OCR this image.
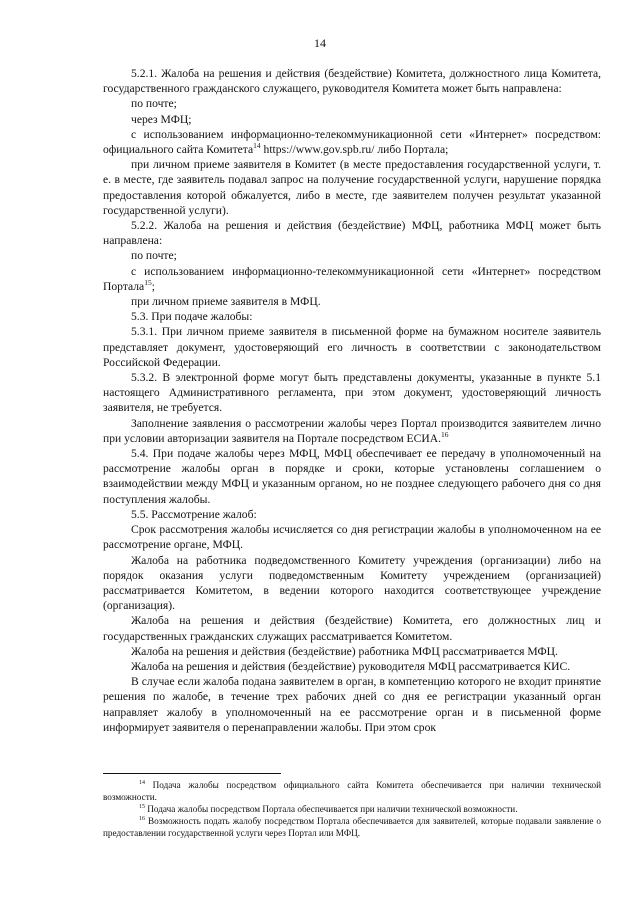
14

5.2.1. Жалоба на решения и действия (бездействие) Комитета, должностного лица Комитета, государственного гражданского служащего, руководителя Комитета может быть направлена:

по почте;

через МФЦ;

с использованием информационно-телекоммуникационной сети «Интернет» посредством: официального сайта Комитета$^{14}$ https://www.gov.spb.ru/ либо Портала;

при личном приеме заявителя в Комитет (в месте предоставления государственной услуги, т. е. в месте, где заявитель подавал запрос на получение государственной услуги, нарушение порядка предоставления которой обжалуется, либо в месте, где заявителем получен результат указанной государственной услуги).

5.2.2. Жалоба на решения и действия (бездействие) МФЦ, работника МФЦ может быть направлена:

по почте;

с использованием информационно-телекоммуникационной сети «Интернет» посредством Портала$^{15}$;

при личном приеме заявителя в МФЦ.

5.3. При подаче жалобы:

5.3.1. При личном приеме заявителя в письменной форме на бумажном носителе заявитель представляет документ, удостоверяющий его личность в соответствии с законодательством Российской Федерации.

5.3.2. В электронной форме могут быть представлены документы, указанные в пункте 5.1 настоящего Административного регламента, при этом документ, удостоверяющий личность заявителя, не требуется.

Заполнение заявления о рассмотрении жалобы через Портал производится заявителем лично при условии авторизации заявителя на Портале посредством ЕСИА.$^{16}$

5.4. При подаче жалобы через МФЦ, МФЦ обеспечивает ее передачу в уполномоченный на рассмотрение жалобы орган в порядке и сроки, которые установлены соглашением о взаимодействии между МФЦ и указанным органом, но не позднее следующего рабочего дня со дня поступления жалобы.

5.5. Рассмотрение жалоб:

Срок рассмотрения жалобы исчисляется со дня регистрации жалобы в уполномоченном на ее рассмотрение органе, МФЦ.

Жалоба на работника подведомственного Комитету учреждения (организации) либо на порядок оказания услуги подведомственным Комитету учреждением (организацией) рассматривается Комитетом, в ведении которого находится соответствующее учреждение (организация).

Жалоба на решения и действия (бездействие) Комитета, его должностных лиц и государственных гражданских служащих рассматривается Комитетом.

Жалоба на решения и действия (бездействие) работника МФЦ рассматривается МФЦ.

Жалоба на решения и действия (бездействие) руководителя МФЦ рассматривается КИС.

В случае если жалоба подана заявителем в орган, в компетенцию которого не входит принятие решения по жалобе, в течение трех рабочих дней со дня ее регистрации указанный орган направляет жалобу в уполномоченный на ее рассмотрение орган и в письменной форме информирует заявителя о перенаправлении жалобы. При этом срок

$^{14}$ Подача жалобы посредством официального сайта Комитета обеспечивается при наличии технической возможности.

$^{15}$ Подача жалобы посредством Портала обеспечивается при наличии технической возможности.

$^{16}$ Возможность подать жалобу посредством Портала обеспечивается для заявителей, которые подавали заявление о предоставлении государственной услуги через Портал или МФЦ.
